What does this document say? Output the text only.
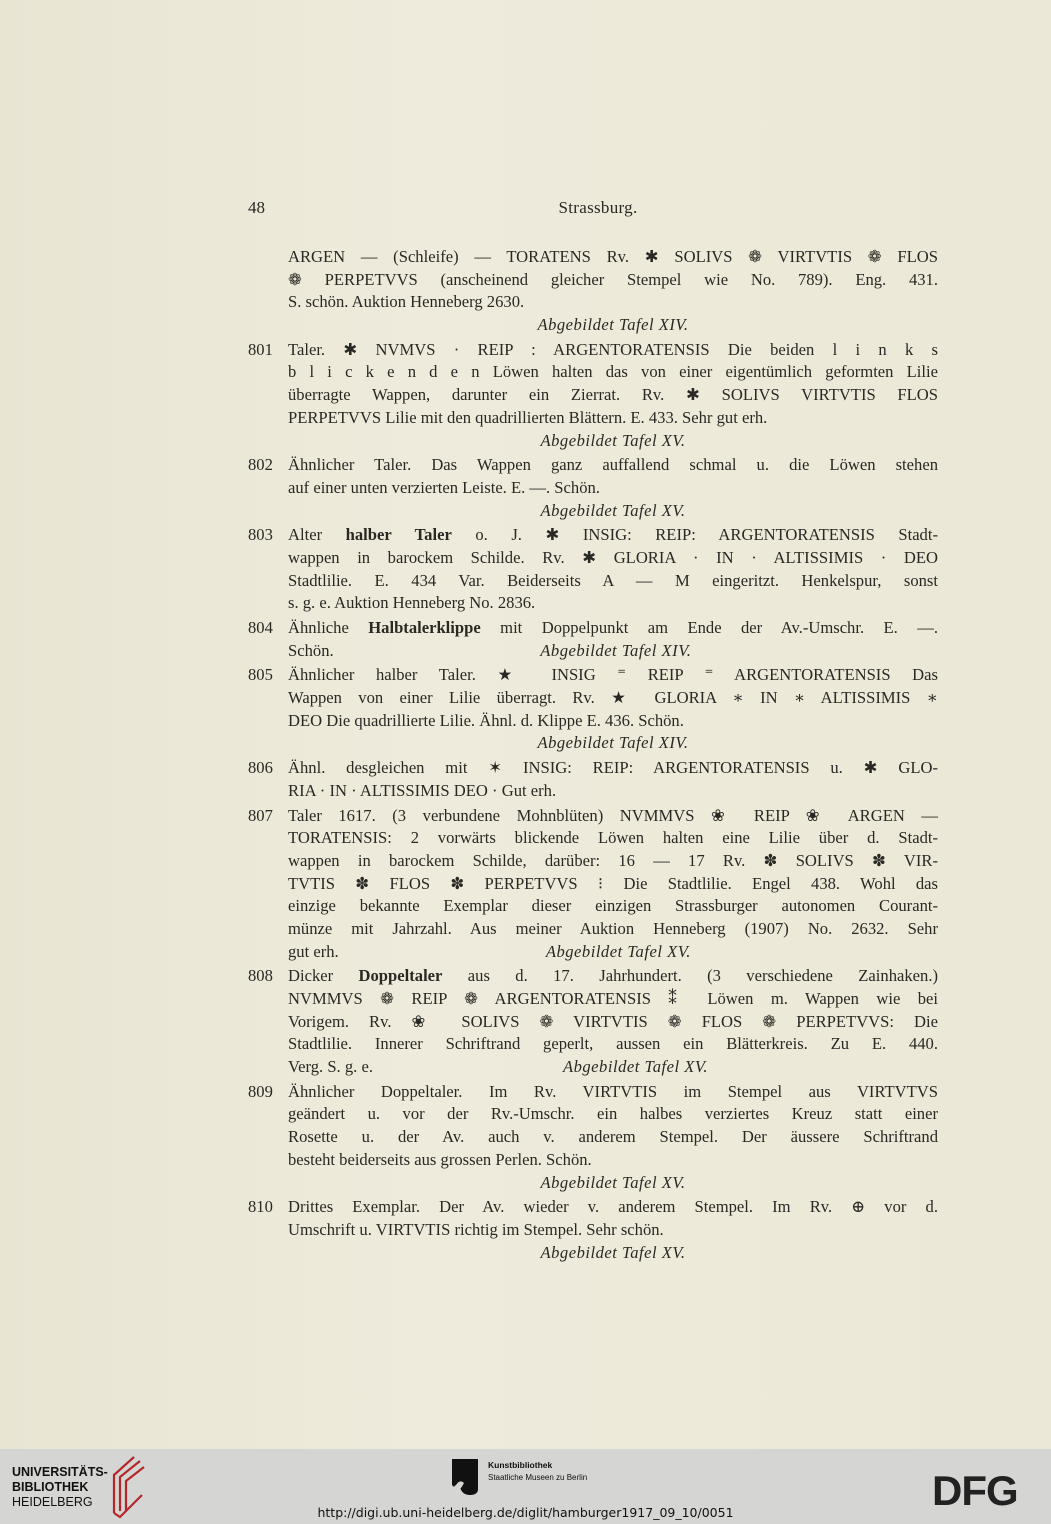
48	Strassburg.
ARGEN — (Schleife) — TORATENS Rv. ✱ SOLIVS ❁ VIRTVTIS ❁ FLOS
❁ PERPETVVS (anscheinend gleicher Stempel wie No. 789). Eng. 431.
S. schön. Auktion Henneberg 2630.
Abgebildet Tafel XIV.
801 Taler. ✱ NVMVS · REIP : ARGENTORATENSIS Die beiden l i n k s
b l i c k e n d e n Löwen halten das von einer eigentümlich geformten Lilie
überragte Wappen, darunter ein Zierrat. Rv. ✱ SOLIVS VIRTVTIS FLOS
PERPETVVS Lilie mit den quadrillierten Blättern. E. 433. Sehr gut erh.
Abgebildet Tafel XV.
802 Ähnlicher Taler. Das Wappen ganz auffallend schmal u. die Löwen stehen
auf einer unten verzierten Leiste. E. —. Schön.
Abgebildet Tafel XV.
803 Alter halber Taler o. J. ✱ INSIG: REIP: ARGENTORATENSIS Stadt-
wappen in barockem Schilde. Rv. ✱ GLORIA · IN · ALTISSIMIS · DEO
Stadtlilie. E. 434 Var. Beiderseits A — M eingeritzt. Henkelspur, sonst
s. g. e. Auktion Henneberg No. 2836.
804 Ähnliche Halbtalerklippe mit Doppelpunkt am Ende der Av.-Umschr. E. —.
Schön.	Abgebildet Tafel XIV.
805 Ähnlicher halber Taler. ★ INSIG ⁼ REIP ⁼ ARGENTORATENSIS Das
Wappen von einer Lilie überragt. Rv. ★ GLORIA ∗ IN ∗ ALTISSIMIS ∗
DEO Die quadrillierte Lilie. Ähnl. d. Klippe E. 436. Schön.
Abgebildet Tafel XIV.
806 Ähnl. desgleichen mit ✶ INSIG: REIP: ARGENTORATENSIS u. ✱ GLO-
RIA · IN · ALTISSIMIS DEO · Gut erh.
807 Taler 1617. (3 verbundene Mohnblüten) NVMMVS ❀ REIP ❀ ARGEN —
TORATENSIS: 2 vorwärts blickende Löwen halten eine Lilie über d. Stadt-
wappen in barockem Schilde, darüber: 16 — 17 Rv. ✽ SOLIVS ✽ VIR-
TVTIS ✽ FLOS ✽ PERPETVVS ⁝ Die Stadtlilie. Engel 438. Wohl das
einzige bekannte Exemplar dieser einzigen Strassburger autonomen Courant-
münze mit Jahrzahl. Aus meiner Auktion Henneberg (1907) No. 2632. Sehr
gut erh.	Abgebildet Tafel XV.
808 Dicker Doppeltaler aus d. 17. Jahrhundert. (3 verschiedene Zainhaken.)
NVMMVS ❁ REIP ❁ ARGENTORATENSIS ⁑ Löwen m. Wappen wie bei
Vorigem. Rv. ❀ SOLIVS ❁ VIRTVTIS ❁ FLOS ❁ PERPETVVS: Die
Stadtlilie. Innerer Schriftrand geperlt, aussen ein Blätterkreis. Zu E. 440.
Verg. S. g. e.	Abgebildet Tafel XV.
809 Ähnlicher Doppeltaler. Im Rv. VIRTVTIS im Stempel aus VIRTVTVS
geändert u. vor der Rv.-Umschr. ein halbes verziertes Kreuz statt einer
Rosette u. der Av. auch v. anderem Stempel. Der äussere Schriftrand
besteht beiderseits aus grossen Perlen. Schön.
Abgebildet Tafel XV.
810 Drittes Exemplar. Der Av. wieder v. anderem Stempel. Im Rv. ⊕ vor d.
Umschrift u. VIRTVTIS richtig im Stempel. Sehr schön.
Abgebildet Tafel XV.
UNIVERSITÄTS-
BIBLIOTHEK
HEIDELBERG
Kunstbibliothek
Staatliche Museen zu Berlin	DFG
http://digi.ub.uni-heidelberg.de/diglit/hamburger1917_09_10/0051
